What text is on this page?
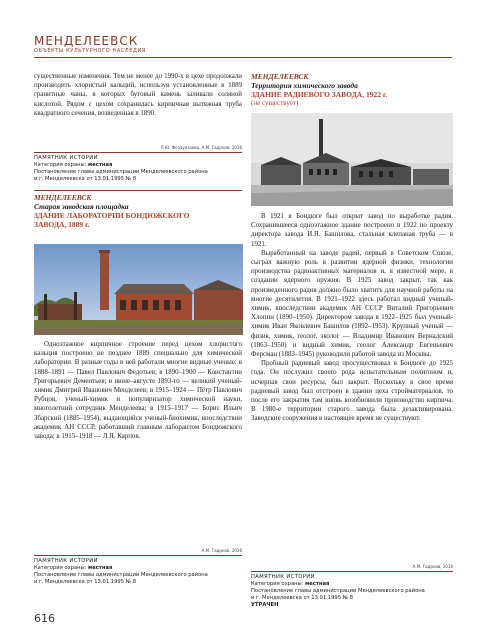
МЕНДЕЛЕЕВСК
ОБЪЕКТЫ КУЛЬТУРНОГО НАСЛЕДИЯ

существенные изменения. Тем не менее до 1990-х в цехе продолжали производить хлористый кальций, используя установленные в 1889 гранитные чаны, в которых бутовый камень заливали соляной кислотой. Рядом с цехом сохранилась кирпичная вытяжная труба квадратного сечения, возведенная в 1890.

Л.Ю. Фозаунзаева, А.М. Гадрнов, 2016
ПАМЯТНИК ИСТОРИИ
Категория охраны: местная
Постановление главы администрации Менделеевского района
и г. Менделеевска от 13.01.1995 № 8
МЕНДЕЛЕЕВСК
Старая заводская площадка
ЗДАНИЕ ЛАБОРАТОРИИ БОНДЮЖСКОГО
ЗАВОДА, 1889 г.

Одноэтажное кирпичное строение перед цехом хлористого кальция построено не позднее 1889 специально для химической лаборатории. В разные годы в ней работали многие видные ученые: в 1888–1891 — Павел Павлович Федотьев; в 1890–1900 — Константин Григорьевич Дементьев; в июне–августе 1893-го — великий ученый-химик Дмитрий Иванович Менделеев; в 1915–1924 — Пётр Павлович Рубцов, ученый-химик и популяризатор химической науки, многолетний сотрудник Менделеева; в 1915–1917 — Борис Ильич Збарский (1885–1954), выдающийся ученый-биохимик, впоследствии академик АН СССР, работавший главным лаборантом Бондюжского завода; в 1915–1918 — Л.Я. Карпов.

А.М. Гадрнов, 2016
ПАМЯТНИК ИСТОРИИ
Категория охраны: местная
Постановление главы администрации Менделеевского района
и г. Менделеевска от 13.01.1995 № 8
МЕНДЕЛЕЕВСК
Территория химического завода
ЗДАНИЕ РАДИЕВОГО ЗАВОДА, 1922 г.
(не существует)

В 1921 в Бондюге был открыт завод по выработке радия. Сохранившееся одноэтажное здание построено в 1922 по проекту директора завода И.Я. Башилова, стальная клепаная труба — в 1921.

Выработанный на заводе радий, первый в Советском Союзе, сыграл важную роль в развитии ядерной физики, технологии производства радиоактивных материалов и, в известной мере, в создании ядерного оружия. В 1925 завод закрыт, так как произведенного радия должно было хватить для научной работы на многие десятилетия. В 1921–1922 здесь работал видный ученый-химик, впоследствии академик АН СССР Виталий Григорьевич Хлопин (1890–1950). Директором завода в 1922–1925 был ученый-химик Иван Яковлевич Башилов (1892–1953). Крупный ученый — физик, химик, геолог, эколог — Владимир Иванович Вернадский (1863–1950) и видный химик, геолог Александр Евгеньевич Ферсман (1883–1945) руководили работой завода из Москвы.

Пробный радиевый завод просуществовал в Бондюге до 1925 года. Он послужил своего рода испытательным полигоном и, исчерпав свои ресурсы, был закрыт. Поскольку в свое время радиевый завод был отстроен в здании цеха стройматериалов, то после его закрытия там вновь возобновили производство кирпича. В 1980-е территории старого завода была дезактивирована. Заводские сооружения в настоящее время не существуют.

А.М. Гадрнов, 2016
ПАМЯТНИК ИСТОРИИ
Категория охраны: местная
Постановление главы администрации Менделеевского района
и г. Менделеевска от 13.01.1995 № 8
УТРАЧЕН
616
